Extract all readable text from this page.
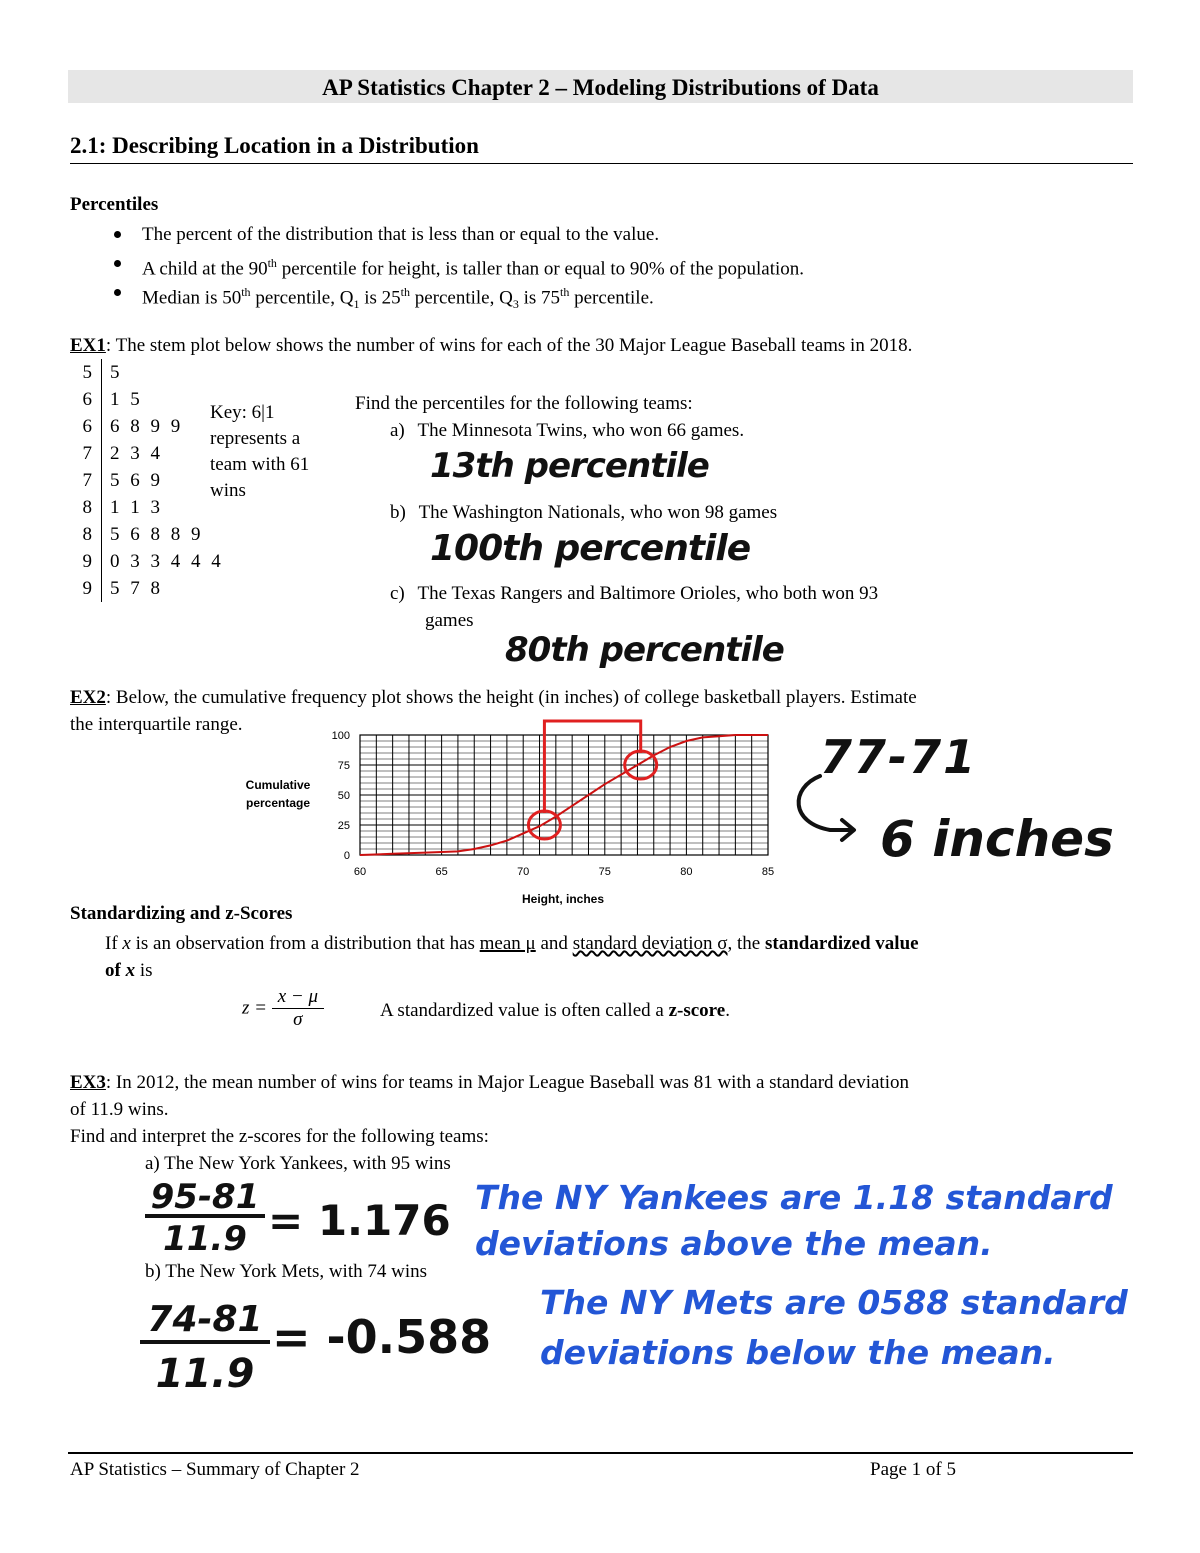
AP Statistics Chapter 2 – Modeling Distributions of Data
2.1: Describing Location in a Distribution
Percentiles
The percent of the distribution that is less than or equal to the value.
A child at the 90th percentile for height, is taller than or equal to 90% of the population.
Median is 50th percentile, $Q_1$ is 25th percentile, $Q_3$ is 75th percentile.
EX1: The stem plot below shows the number of wins for each of the 30 Major League Baseball teams in 2018.
5	5
6	1 5
6	6 8 9 9
7	2 3 4
7	5 6 9
8	1 1 3
8	5 6 8 8 9
9	0 3 3 4 4 4
9	5 7 8
Key: 6|1
represents a
team with 61
wins
Find the percentiles for the following teams:
a) The Minnesota Twins, who won 66 games.
13th percentile
b) The Washington Nationals, who won 98 games
100th percentile
c) The Texas Rangers and Baltimore Orioles, who both won 93
games
80th percentile
EX2: Below, the cumulative frequency plot shows the height (in inches) of college basketball players. Estimate
the interquartile range.
60	65	70	75	80	85
0
25
50
75
100
Cumulative
percentage
Height, inches
77-71
6 inches
Standardizing and z-Scores
If x is an observation from a distribution that has mean μ and standard deviation σ, the standardized value
of x is
$z = \frac{x - \mu}{\sigma}$	A standardized value is often called a z-score.
EX3: In 2012, the mean number of wins for teams in Major League Baseball was 81 with a standard deviation
of 11.9 wins.
Find and interpret the z-scores for the following teams:
a) The New York Yankees, with 95 wins
95-81
11.9 = 1.176 The NY Yankees are 1.18 standard
deviations above the mean.
b) The New York Mets, with 74 wins
74-81
11.9
= -0.588
The NY Mets are 0588 standard
deviations below the mean.
AP Statistics – Summary of Chapter 2	Page 1 of 5
